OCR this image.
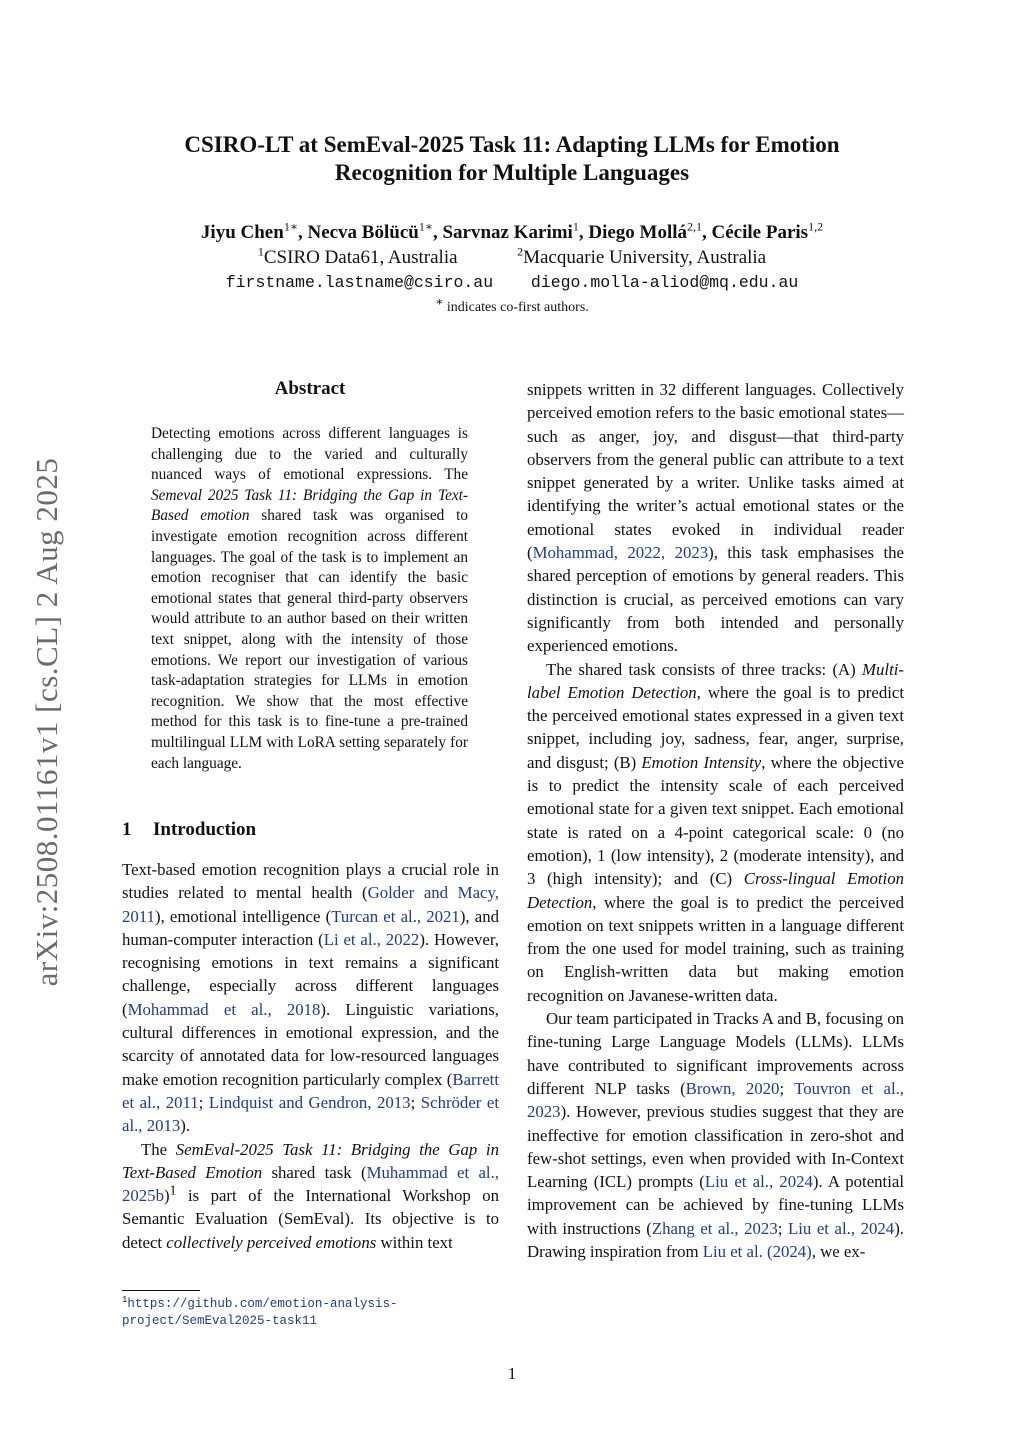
arXiv:2508.01161v1 [cs.CL] 2 Aug 2025
CSIRO-LT at SemEval-2025 Task 11: Adapting LLMs for Emotion
Recognition for Multiple Languages
Jiyu Chen$^{1∗}$, Necva Bölücü$^{1∗}$, Sarvnaz Karimi$^1$, Diego Mollá$^{2,1}$, Cécile Paris$^{1,2}$
$^1$CSIRO Data61, Australia	$^2$Macquarie University, Australia
firstname.lastname@csiro.au diego.molla-aliod@mq.edu.au
∗ indicates co-first authors.
Abstract
Detecting emotions across different languages is challenging due to the varied and culturally nuanced ways of emotional expressions. The Semeval 2025 Task 11: Bridging the Gap in Text-Based emotion shared task was organised to investigate emotion recognition across different languages. The goal of the task is to implement an emotion recogniser that can identify the basic emotional states that general third-party observers would attribute to an author based on their written text snippet, along with the intensity of those emotions. We report our investigation of various task-adaptation strategies for LLMs in emotion recognition. We show that the most effective method for this task is to fine-tune a pre-trained multilingual LLM with LoRA setting separately for each language.
1 Introduction

Text-based emotion recognition plays a crucial role in studies related to mental health (Golder and Macy, 2011), emotional intelligence (Turcan et al., 2021), and human-computer interaction (Li et al., 2022). However, recognising emotions in text remains a significant challenge, especially across different languages (Mohammad et al., 2018). Linguistic variations, cultural differences in emotional expression, and the scarcity of annotated data for low-resourced languages make emotion recognition particularly complex (Barrett et al., 2011; Lindquist and Gendron, 2013; Schröder et al., 2013).

The SemEval-2025 Task 11: Bridging the Gap in Text-Based Emotion shared task (Muhammad et al., 2025b)$^1$ is part of the International Workshop on Semantic Evaluation (SemEval). Its objective is to detect collectively perceived emotions within text

snippets written in 32 different languages. Collectively perceived emotion refers to the basic emotional states—such as anger, joy, and disgust—that third-party observers from the general public can attribute to a text snippet generated by a writer. Unlike tasks aimed at identifying the writer’s actual emotional states or the emotional states evoked in individual reader (Mohammad, 2022, 2023), this task emphasises the shared perception of emotions by general readers. This distinction is crucial, as perceived emotions can vary significantly from both intended and personally experienced emotions.

The shared task consists of three tracks: (A) Multi-label Emotion Detection, where the goal is to predict the perceived emotional states expressed in a given text snippet, including joy, sadness, fear, anger, surprise, and disgust; (B) Emotion Intensity, where the objective is to predict the intensity scale of each perceived emotional state for a given text snippet. Each emotional state is rated on a 4-point categorical scale: 0 (no emotion), 1 (low intensity), 2 (moderate intensity), and 3 (high intensity); and (C) Cross-lingual Emotion Detection, where the goal is to predict the perceived emotion on text snippets written in a language different from the one used for model training, such as training on English-written data but making emotion recognition on Javanese-written data.

Our team participated in Tracks A and B, focusing on fine-tuning Large Language Models (LLMs). LLMs have contributed to significant improvements across different NLP tasks (Brown, 2020; Touvron et al., 2023). However, previous studies suggest that they are ineffective for emotion classification in zero-shot and few-shot settings, even when provided with In-Context Learning (ICL) prompts (Liu et al., 2024). A potential improvement can be achieved by fine-tuning LLMs with instructions (Zhang et al., 2023; Liu et al., 2024). Drawing inspiration from Liu et al. (2024), we ex-

$^1$https://github.com/emotion-analysis-project/SemEval2025-task11
1
